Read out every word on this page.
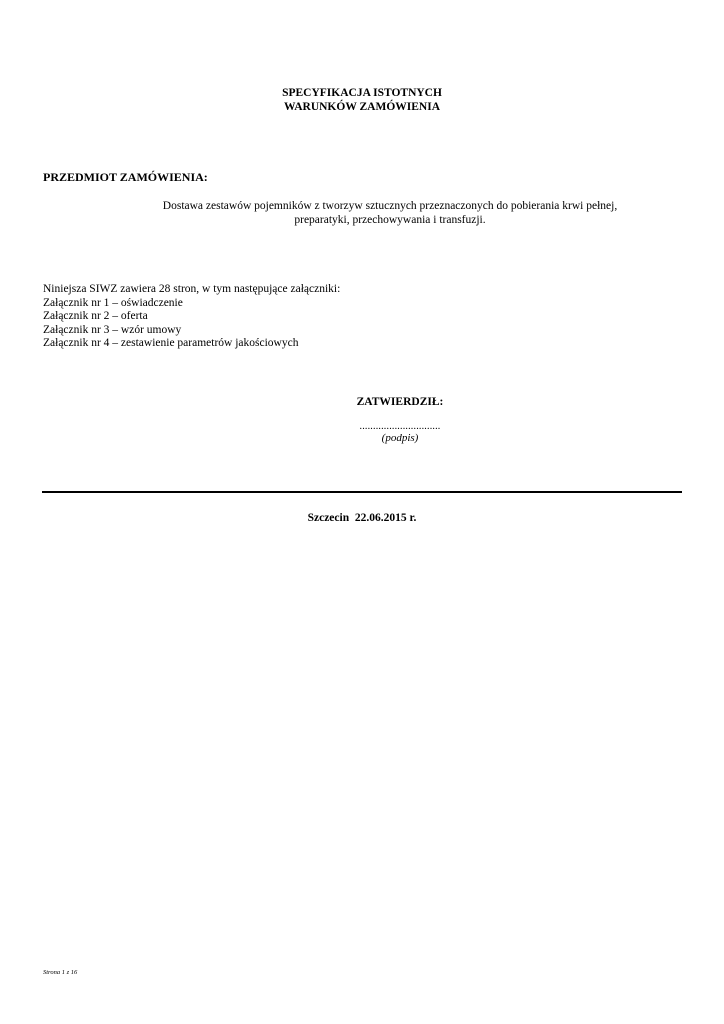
SPECYFIKACJA ISTOTNYCH
WARUNKÓW ZAMÓWIENIA
PRZEDMIOT ZAMÓWIENIA:
Dostawa zestawów pojemników z tworzyw sztucznych przeznaczonych do pobierania krwi pełnej,
preparatyki, przechowywania i transfuzji.
Niniejsza SIWZ zawiera 28 stron, w tym następujące załączniki:
Załącznik nr 1 – oświadczenie
Załącznik nr 2 – oferta
Załącznik nr 3 – wzór umowy
Załącznik nr 4 – zestawienie parametrów jakościowych
ZATWIERDZIŁ:
..............................
(podpis)
Szczecin  22.06.2015 r.
Strona 1 z 16
